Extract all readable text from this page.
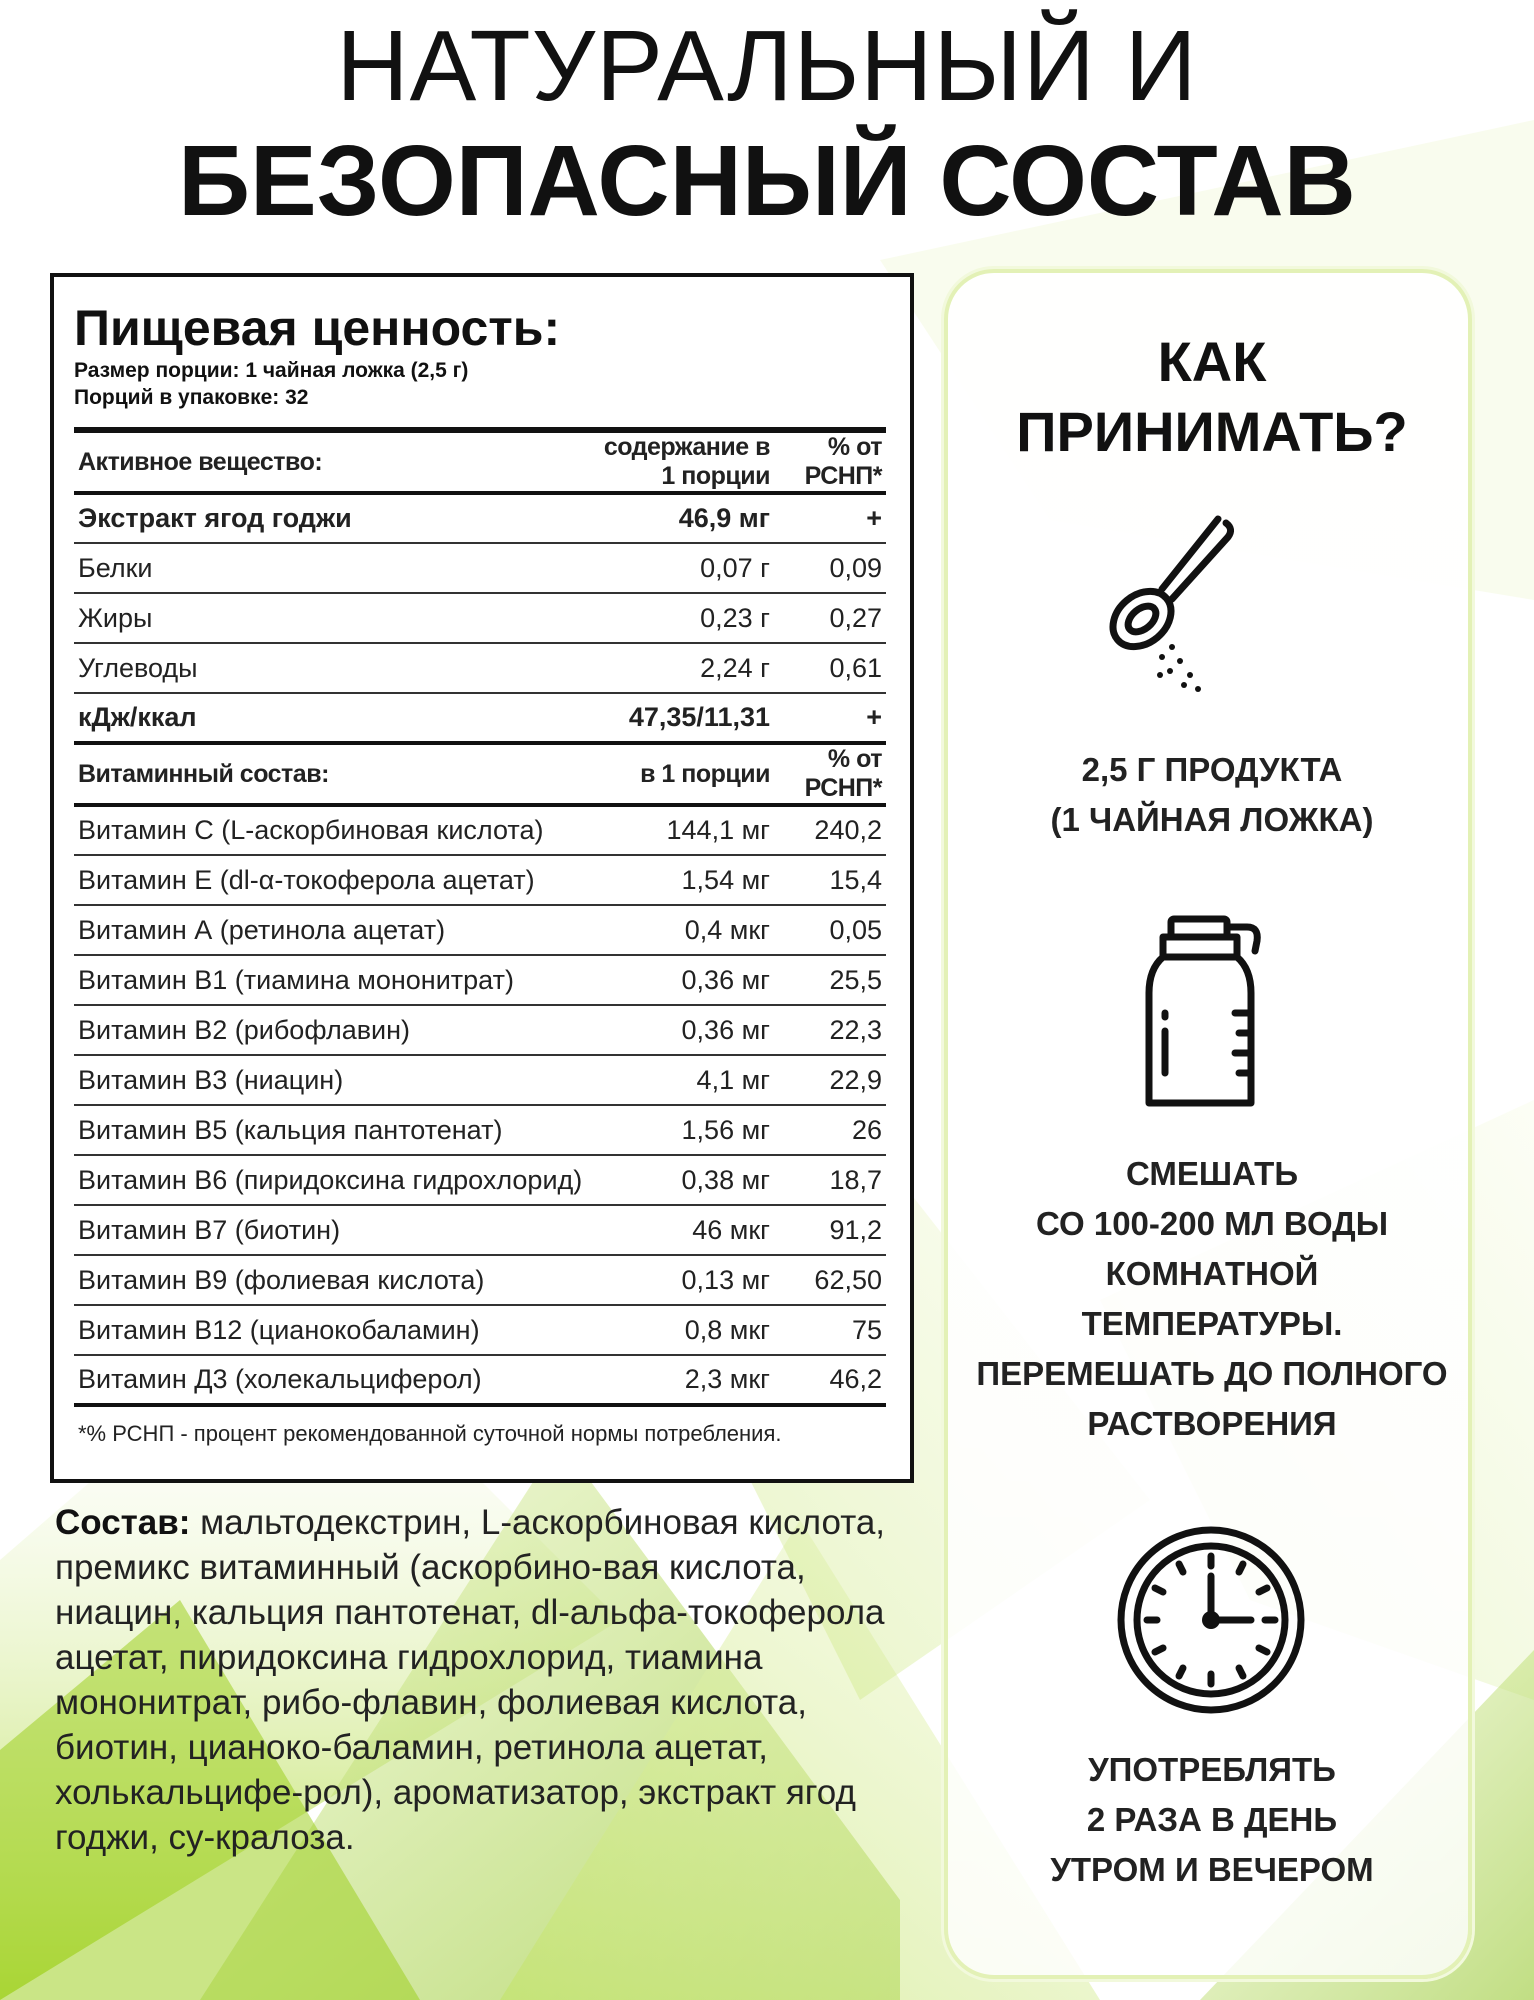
НАТУРАЛЬНЫЙ И
БЕЗОПАСНЫЙ СОСТАВ
Пищевая ценность:
Размер порции: 1 чайная ложка (2,5 г)
Порций в упаковке: 32
Активное вещество:	содержание в 1 порции	% от РСНП*
Экстракт ягод годжи	46,9 мг	+
Белки	0,07 г	0,09
Жиры	0,23 г	0,27
Углеводы	2,24 г	0,61
кДж/ккал	47,35/11,31	+
Витаминный состав:	в 1 порции	% от РСНП*
Витамин С (L-аскорбиновая кислота)	144,1 мг	240,2
Витамин Е (dl-α-токоферола ацетат)	1,54 мг	15,4
Витамин А (ретинола ацетат)	0,4 мкг	0,05
Витамин В1 (тиамина мононитрат)	0,36 мг	25,5
Витамин В2 (рибофлавин)	0,36 мг	22,3
Витамин В3 (ниацин)	4,1 мг	22,9
Витамин В5 (кальция пантотенат)	1,56 мг	26
Витамин В6 (пиридоксина гидрохлорид)	0,38 мг	18,7
Витамин В7 (биотин)	46 мкг	91,2
Витамин В9 (фолиевая кислота)	0,13 мг	62,50
Витамин В12 (цианокобаламин)	0,8 мкг	75
Витамин Д3 (холекальциферол)	2,3 мкг	46,2
*% РСНП - процент рекомендованной суточной нормы потребления.
Состав: мальтодекстрин, L-аскорбиновая кислота, премикс витаминный (аскорбино-вая кислота, ниацин, кальция пантотенат, dl-альфа-токоферола ацетат, пиридоксина гидрохлорид, тиамина мононитрат, рибо-флавин, фолиевая кислота, биотин, цианоко-баламин, ретинола ацетат, холькальцифе-рол), ароматизатор, экстракт ягод годжи, су-кралоза.
КАК
ПРИНИМАТЬ?
2,5 Г ПРОДУКТА
(1 ЧАЙНАЯ ЛОЖКА)
СМЕШАТЬ
СО 100-200 МЛ ВОДЫ
КОМНАТНОЙ
ТЕМПЕРАТУРЫ.
ПЕРЕМЕШАТЬ ДО ПОЛНОГО
РАСТВОРЕНИЯ
УПОТРЕБЛЯТЬ
2 РАЗА В ДЕНЬ
УТРОМ И ВЕЧЕРОМ
